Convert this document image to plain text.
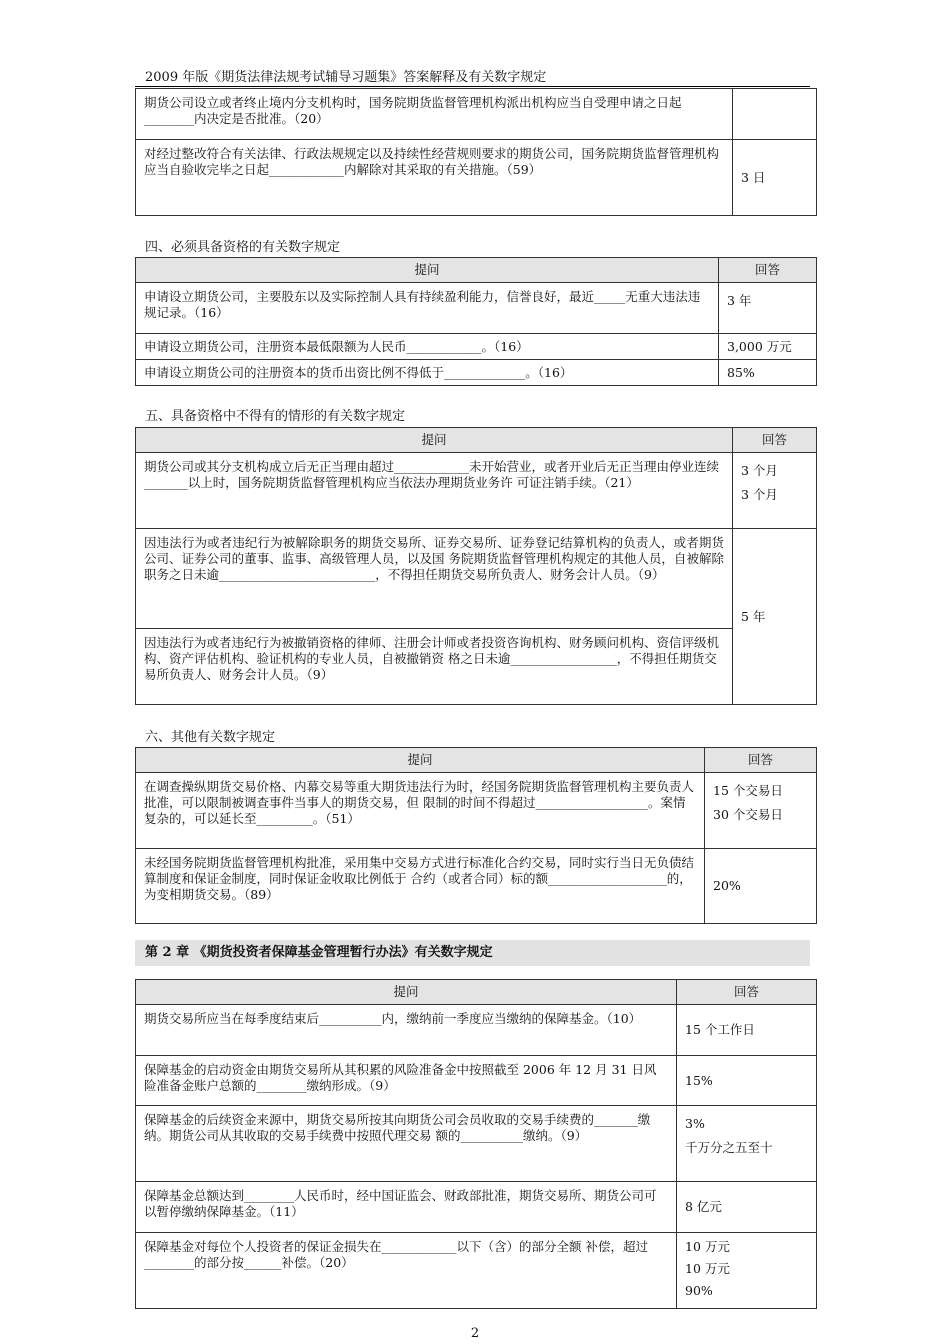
2009 年版《期货法律法规考试辅导习题集》答案解释及有关数字规定
期货公司设立或者终止境内分支机构时，国务院期货监督管理机构派出机构应当自受理申请之日起________内决定是否批准。（20）	

对经过整改符合有关法律、行政法规规定以及持续性经营规则要求的期货公司，国务院期货监督管理机构应当自验收完毕之日起____________内解除对其采取的有关措施。（59）	3 日
四、必须具备资格的有关数字规定
提问	回答
申请设立期货公司，主要股东以及实际控制人具有持续盈利能力，信誉良好，最近_____无重大违法违规记录。（16）	3 年

申请设立期货公司，注册资本最低限额为人民币____________。（16）	3,000 万元

申请设立期货公司的注册资本的货币出资比例不得低于_____________。（16）	85%
五、具备资格中不得有的情形的有关数字规定
提问	回答
期货公司或其分支机构成立后无正当理由超过____________未开始营业，或者开业后无正当理由停业连续_______以上时，国务院期货监督管理机构应当依法办理期货业务许 可证注销手续。（21）	3 个月
3 个月

因违法行为或者违纪行为被解除职务的期货交易所、证券交易所、证券登记结算机构的负责人，或者期货公司、证券公司的董事、监事、高级管理人员，以及国 务院期货监督管理机构规定的其他人员，自被解除职务之日未逾_________________________，不得担任期货交易所负责人、财务会计人员。（9）	5 年

因违法行为或者违纪行为被撤销资格的律师、注册会计师或者投资咨询机构、财务顾问机构、资信评级机构、资产评估机构、验证机构的专业人员，自被撤销资 格之日未逾_________________，不得担任期货交易所负责人、财务会计人员。（9）	
六、其他有关数字规定
提问	回答
在调查操纵期货交易价格、内幕交易等重大期货违法行为时，经国务院期货监督管理机构主要负责人批准，可以限制被调查事件当事人的期货交易，但 限制的时间不得超过__________________。案情复杂的，可以延长至_________。（51）	15 个交易日
30 个交易日

未经国务院期货监督管理机构批准，采用集中交易方式进行标准化合约交易，同时实行当日无负债结算制度和保证金制度，同时保证金收取比例低于 合约（或者合同）标的额___________________的，为变相期货交易。（89）	20%
第 2 章 《期货投资者保障基金管理暂行办法》有关数字规定
提问	回答
期货交易所应当在每季度结束后__________内，缴纳前一季度应当缴纳的保障基金。（10）	15 个工作日

保障基金的启动资金由期货交易所从其积累的风险准备金中按照截至 2006 年 12 月 31 日风险准备金账户总额的________缴纳形成。（9）	15%

保障基金的后续资金来源中，期货交易所按其向期货公司会员收取的交易手续费的_______缴纳。期货公司从其收取的交易手续费中按照代理交易 额的__________缴纳。（9）	3%
千万分之五至十

保障基金总额达到________人民币时，经中国证监会、财政部批准，期货交易所、期货公司可以暂停缴纳保障基金。（11）	8 亿元

保障基金对每位个人投资者的保证金损失在____________以下（含）的部分全额 补偿，超过________的部分按______补偿。（20）	10 万元
10 万元
90%
2
